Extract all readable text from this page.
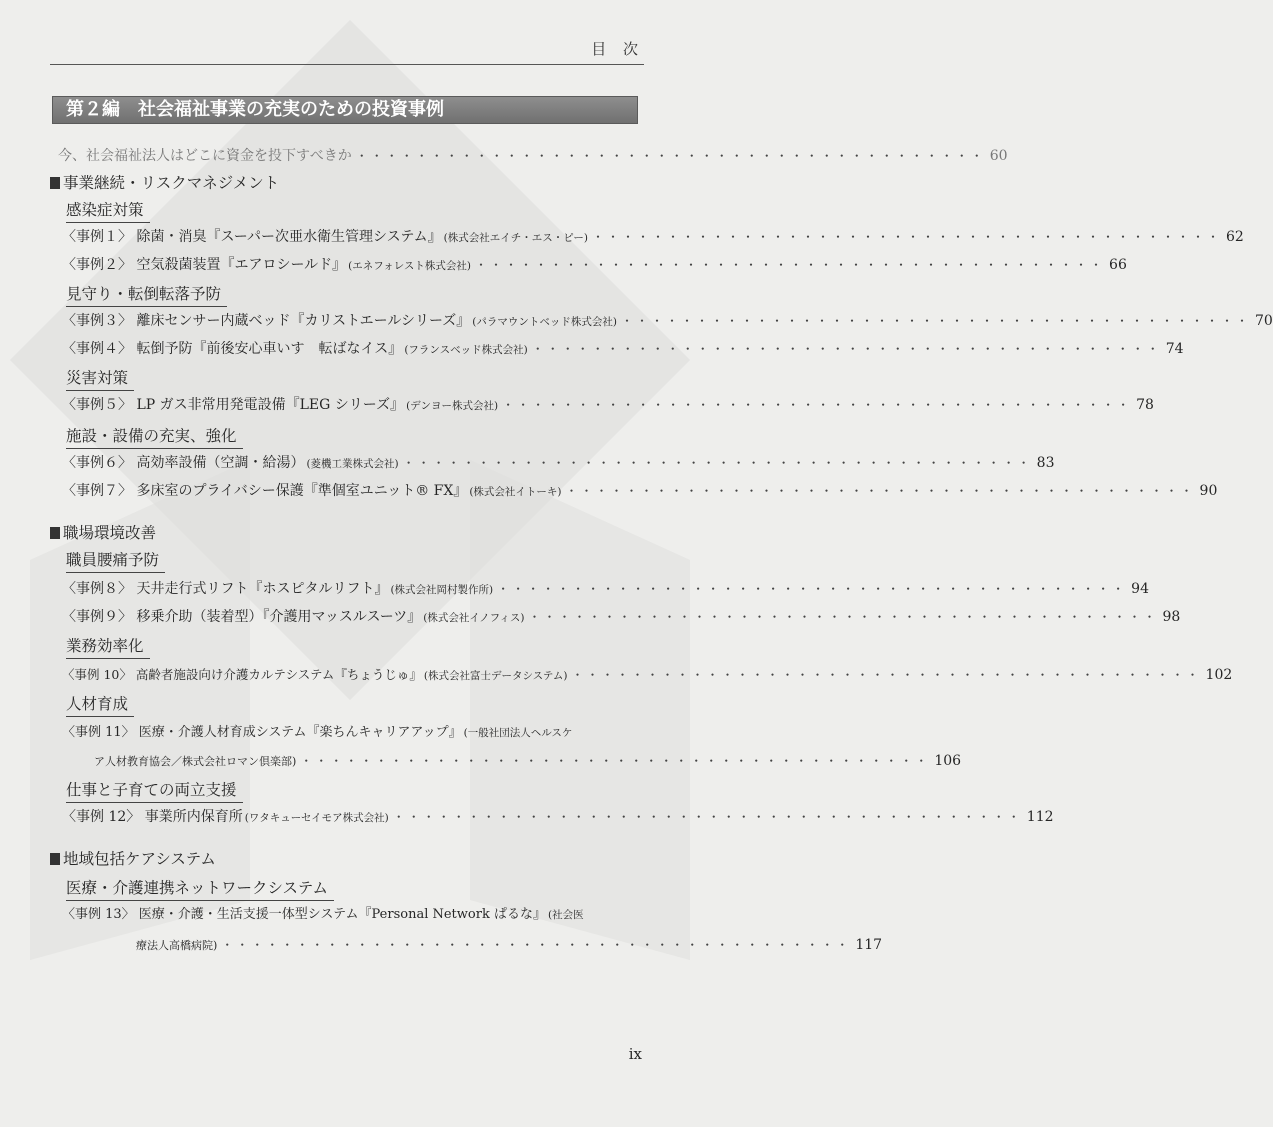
目 次
第２編　社会福祉事業の充実のための投資事例
今、社会福祉法人はどこに資金を投下すべきか ・・・・・・・・・・・・・・・・・・・・・・・・・・・・・・・・・・・・・・・・・・ 60
事業継続・リスクマネジメント
感染症対策
〈事例１〉 除菌・消臭『スーパー次亜水衛生管理システム』 (株式会社エイチ・エス・ピー) ・・・・・・・・・・・・・・・・・・・・・・・・・・・・・・・・・・・・・・・・・・ 62
〈事例２〉 空気殺菌装置『エアロシールド』 (エネフォレスト株式会社) ・・・・・・・・・・・・・・・・・・・・・・・・・・・・・・・・・・・・・・・・・・ 66
見守り・転倒転落予防
〈事例３〉 離床センサー内蔵ベッド『カリストエールシリーズ』 (パラマウントベッド株式会社) ・・・・・・・・・・・・・・・・・・・・・・・・・・・・・・・・・・・・・・・・・・ 70
〈事例４〉 転倒予防『前後安心車いす　転ばなイス』 (フランスベッド株式会社) ・・・・・・・・・・・・・・・・・・・・・・・・・・・・・・・・・・・・・・・・・・ 74
災害対策
〈事例５〉 LP ガス非常用発電設備『LEG シリーズ』 (デンヨー株式会社) ・・・・・・・・・・・・・・・・・・・・・・・・・・・・・・・・・・・・・・・・・・ 78
施設・設備の充実、強化
〈事例６〉 高効率設備（空調・給湯） (菱機工業株式会社) ・・・・・・・・・・・・・・・・・・・・・・・・・・・・・・・・・・・・・・・・・・ 83
〈事例７〉 多床室のプライバシー保護『準個室ユニット® FX』 (株式会社イトーキ) ・・・・・・・・・・・・・・・・・・・・・・・・・・・・・・・・・・・・・・・・・・ 90
職場環境改善
職員腰痛予防
〈事例８〉 天井走行式リフト『ホスピタルリフト』 (株式会社岡村製作所) ・・・・・・・・・・・・・・・・・・・・・・・・・・・・・・・・・・・・・・・・・・ 94
〈事例９〉 移乗介助（装着型）『介護用マッスルスーツ』 (株式会社イノフィス) ・・・・・・・・・・・・・・・・・・・・・・・・・・・・・・・・・・・・・・・・・・ 98
業務効率化
〈事例 10〉 高齢者施設向け介護カルテシステム『ちょうじゅ』 (株式会社富士データシステム) ・・・・・・・・・・・・・・・・・・・・・・・・・・・・・・・・・・・・・・・・・・ 102
人材育成
〈事例 11〉 医療・介護人材育成システム『楽ちんキャリアアップ』 (一般社団法人ヘルスケ
ア人材教育協会／株式会社ロマン倶楽部) ・・・・・・・・・・・・・・・・・・・・・・・・・・・・・・・・・・・・・・・・・・ 106
仕事と子育ての両立支援
〈事例 12〉 事業所内保育所 (ワタキューセイモア株式会社) ・・・・・・・・・・・・・・・・・・・・・・・・・・・・・・・・・・・・・・・・・・ 112
地域包括ケアシステム
医療・介護連携ネットワークシステム
〈事例 13〉 医療・介護・生活支援一体型システム『Personal Network ぱるな』 (社会医
療法人高橋病院) ・・・・・・・・・・・・・・・・・・・・・・・・・・・・・・・・・・・・・・・・・・ 117
ix
